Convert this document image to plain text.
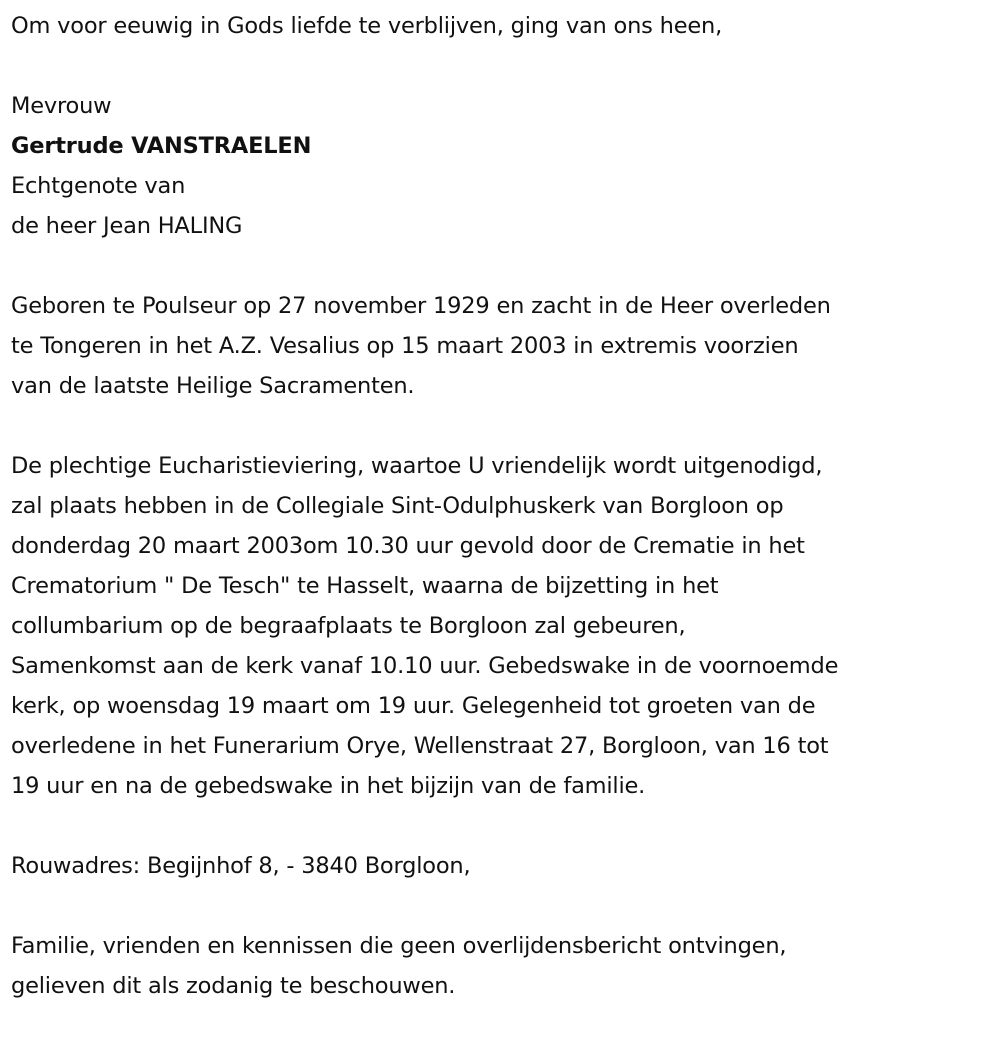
Om voor eeuwig in Gods liefde te verblijven, ging van ons heen,
Mevrouw
Gertrude VANSTRAELEN
Echtgenote van
de heer Jean HALING
Geboren te Poulseur op 27 november 1929 en zacht in de Heer overleden
te Tongeren in het A.Z. Vesalius op 15 maart 2003 in extremis voorzien
van de laatste Heilige Sacramenten.
De plechtige Eucharistieviering, waartoe U vriendelijk wordt uitgenodigd,
zal plaats hebben in de Collegiale Sint-Odulphuskerk van Borgloon op
donderdag 20 maart 2003om 10.30 uur gevold door de Crematie in het
Crematorium " De Tesch" te Hasselt, waarna de bijzetting in het
collumbarium op de begraafplaats te Borgloon zal gebeuren,
Samenkomst aan de kerk vanaf 10.10 uur. Gebedswake in de voornoemde
kerk, op woensdag 19 maart om 19 uur. Gelegenheid tot groeten van de
overledene in het Funerarium Orye, Wellenstraat 27, Borgloon, van 16 tot
19 uur en na de gebedswake in het bijzijn van de familie.
Rouwadres: Begijnhof 8, - 3840 Borgloon,
Familie, vrienden en kennissen die geen overlijdensbericht ontvingen,
gelieven dit als zodanig te beschouwen.
